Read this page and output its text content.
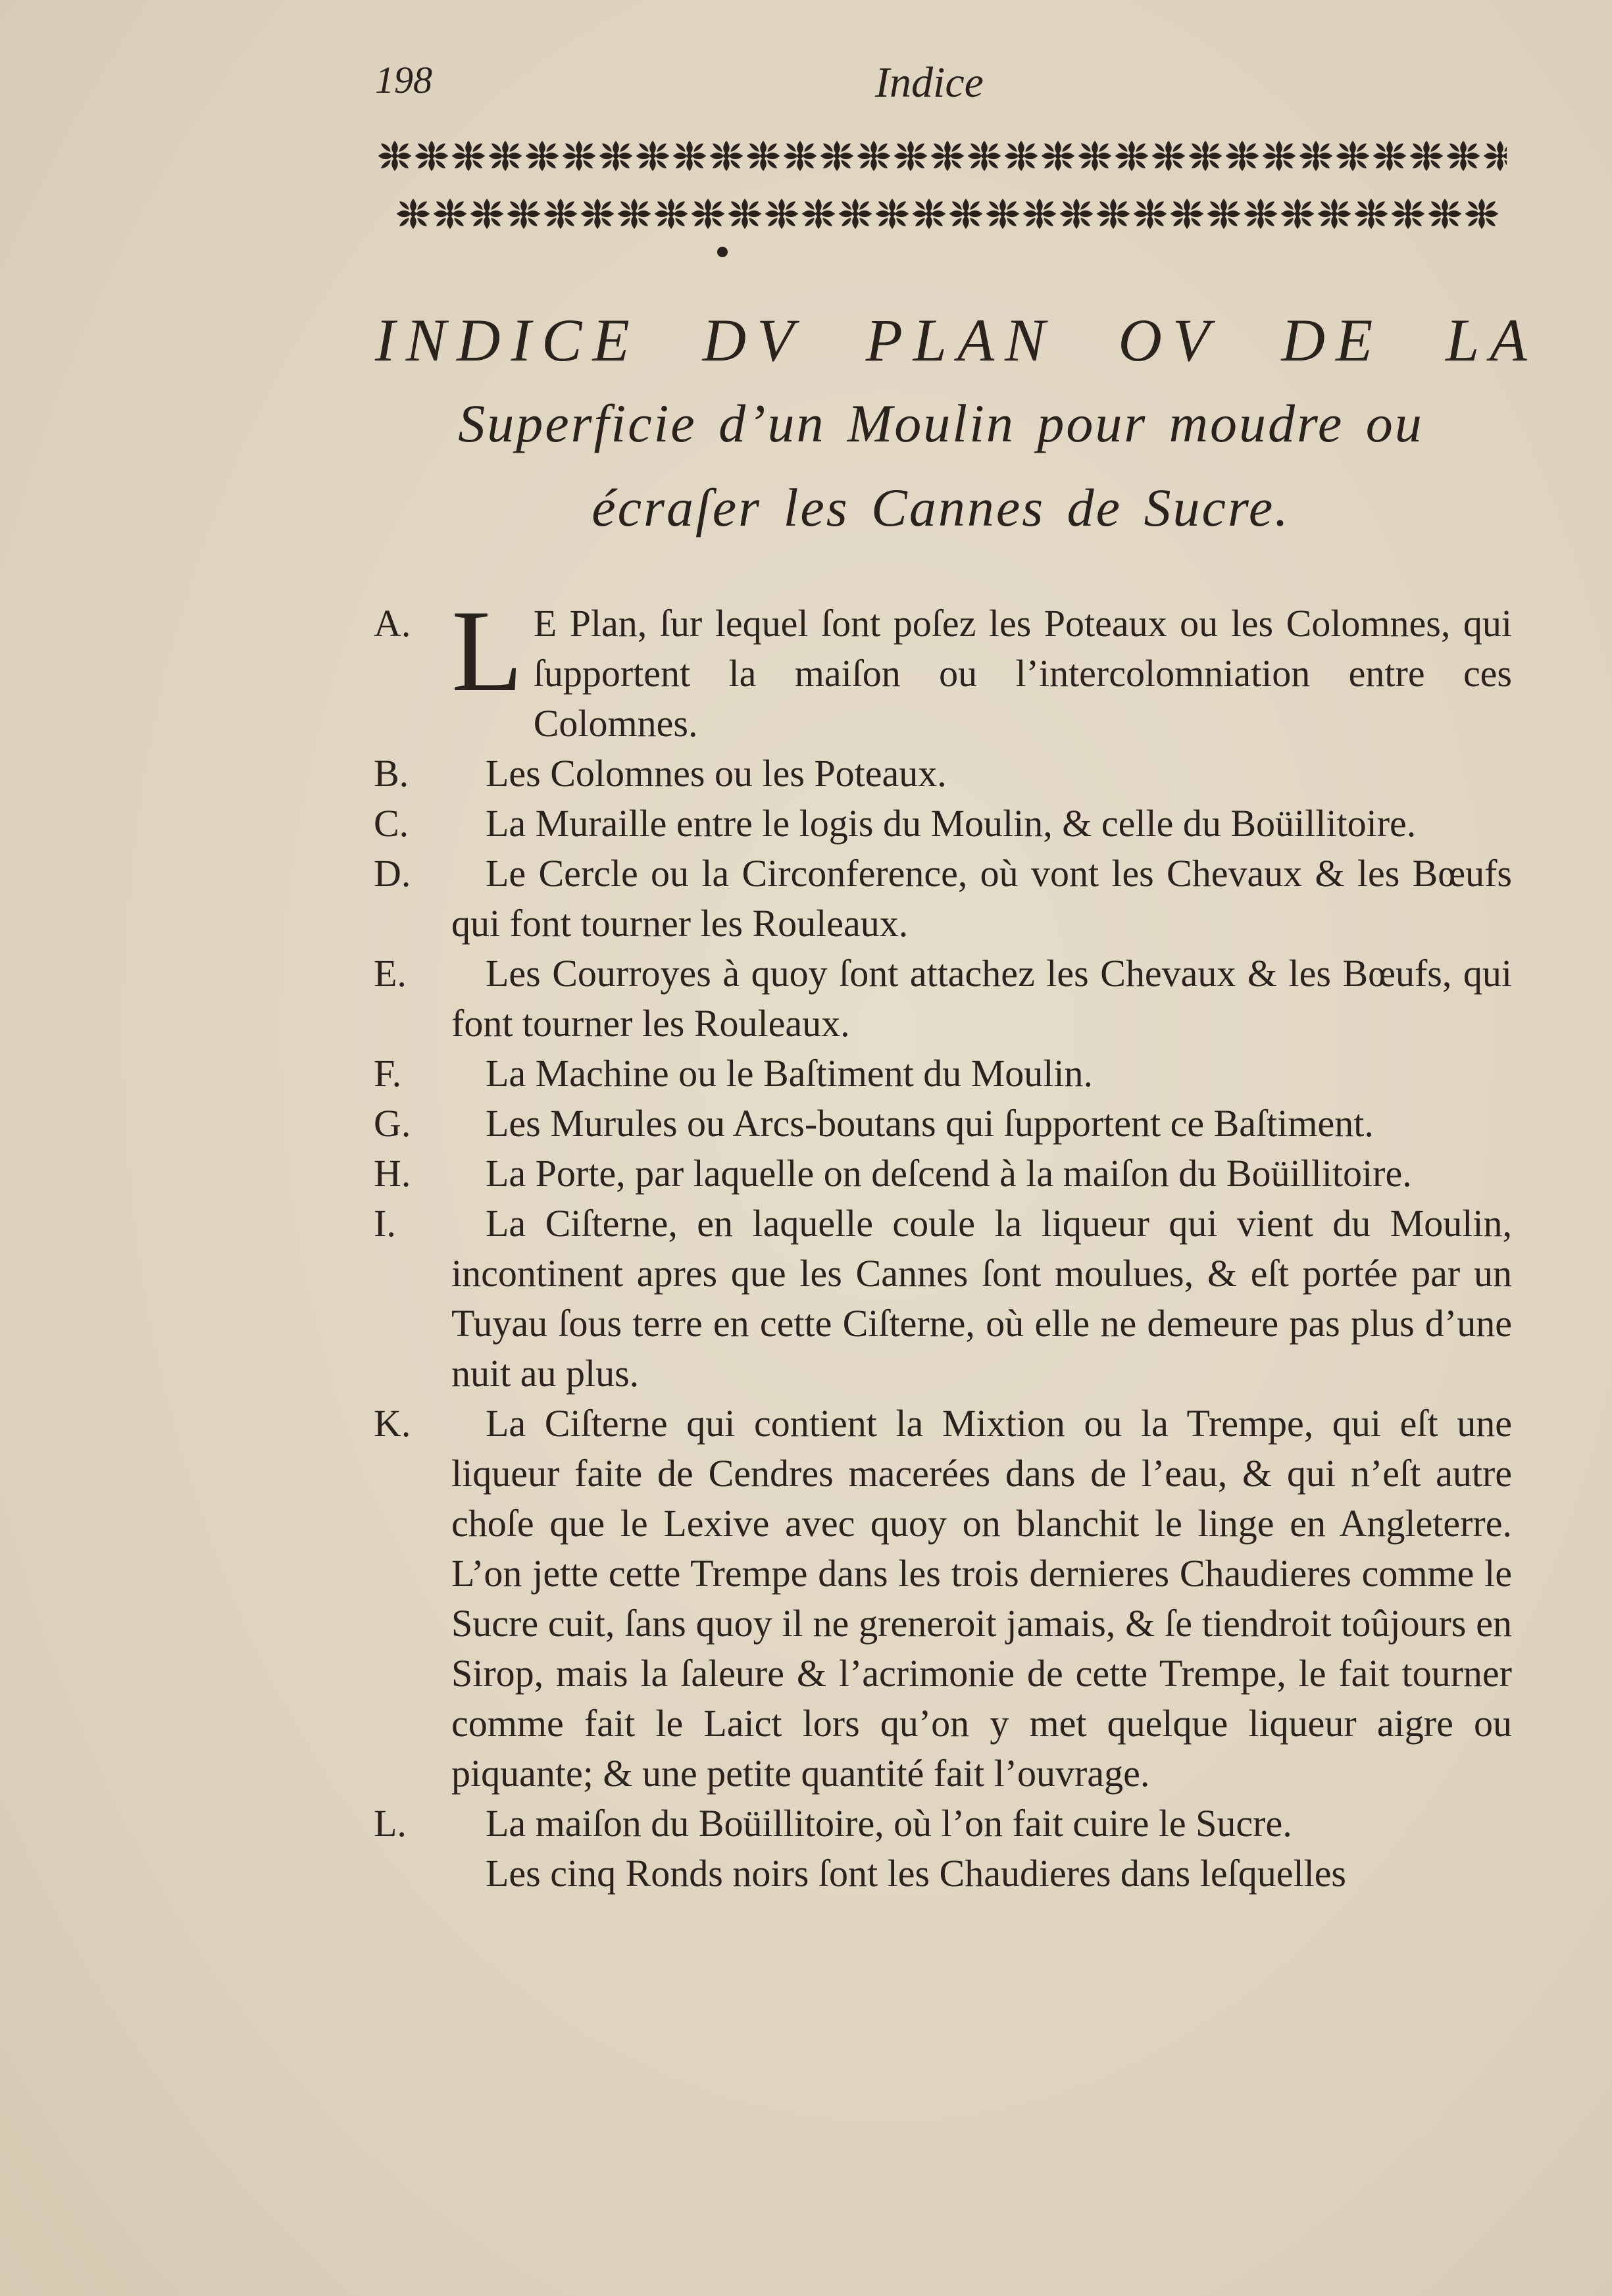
198	Indice
INDICE DV PLAN OV DE LA
Superficie d’un Moulin pour moudre ou
écraſer les Cannes de Sucre.
A. L E Plan, ſur lequel ſont poſez les Poteaux ou les Colomnes, qui ſupportent la maiſon ou l’intercolomniation entre ces Colomnes.
B.	Les Colomnes ou les Poteaux.
C.	La Muraille entre le logis du Moulin, & celle du Boüillitoire.
D.	Le Cercle ou la Circonference, où vont les Chevaux & les Bœufs qui font tourner les Rouleaux.
E.	Les Courroyes à quoy ſont attachez les Chevaux & les Bœufs, qui font tourner les Rouleaux.
F.	La Machine ou le Baſtiment du Moulin.
G.	Les Murules ou Arcs-boutans qui ſupportent ce Baſtiment.
H.	La Porte, par laquelle on deſcend à la maiſon du Boüillitoire.
I.	La Ciſterne, en laquelle coule la liqueur qui vient du Moulin, incontinent apres que les Cannes ſont moulues, & eſt portée par un Tuyau ſous terre en cette Ciſterne, où elle ne demeure pas plus d’une nuit au plus.
K.	La Ciſterne qui contient la Mixtion ou la Trempe, qui eſt une liqueur faite de Cendres macerées dans de l’eau, & qui n’eſt autre choſe que le Lexive avec quoy on blanchit le linge en Angleterre. L’on jette cette Trempe dans les trois dernieres Chaudieres comme le Sucre cuit, ſans quoy il ne greneroit jamais, & ſe tiendroit toûjours en Sirop, mais la ſaleure & l’acrimonie de cette Trempe, le fait tourner comme fait le Laict lors qu’on y met quelque liqueur aigre ou piquante; & une petite quantité fait l’ouvrage.
L.	La maiſon du Boüillitoire, où l’on fait cuire le Sucre.
Les cinq Ronds noirs ſont les Chaudieres dans leſquelles
